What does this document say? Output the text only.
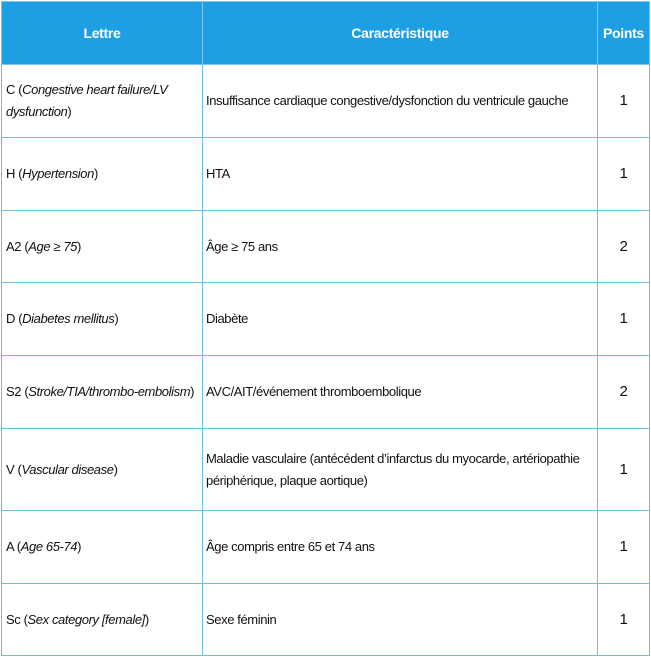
Lettre	Caractéristique	Points
C (Congestive heart failure/LV dysfunction)	Insuffisance cardiaque congestive/dysfonction du ventricule gauche	1
H (Hypertension)	HTA	1
A2 (Age ≥ 75)	Âge ≥ 75 ans	2
D (Diabetes mellitus)	Diabète	1
S2 (Stroke/TIA/thrombo-embolism)	AVC/AIT/événement thromboembolique	2
V (Vascular disease)	Maladie vasculaire (antécédent d’infarctus du myocarde, artériopathie périphérique, plaque aortique)	1
A (Age 65-74)	Âge compris entre 65 et 74 ans	1
Sc (Sex category [female])	Sexe féminin	1
